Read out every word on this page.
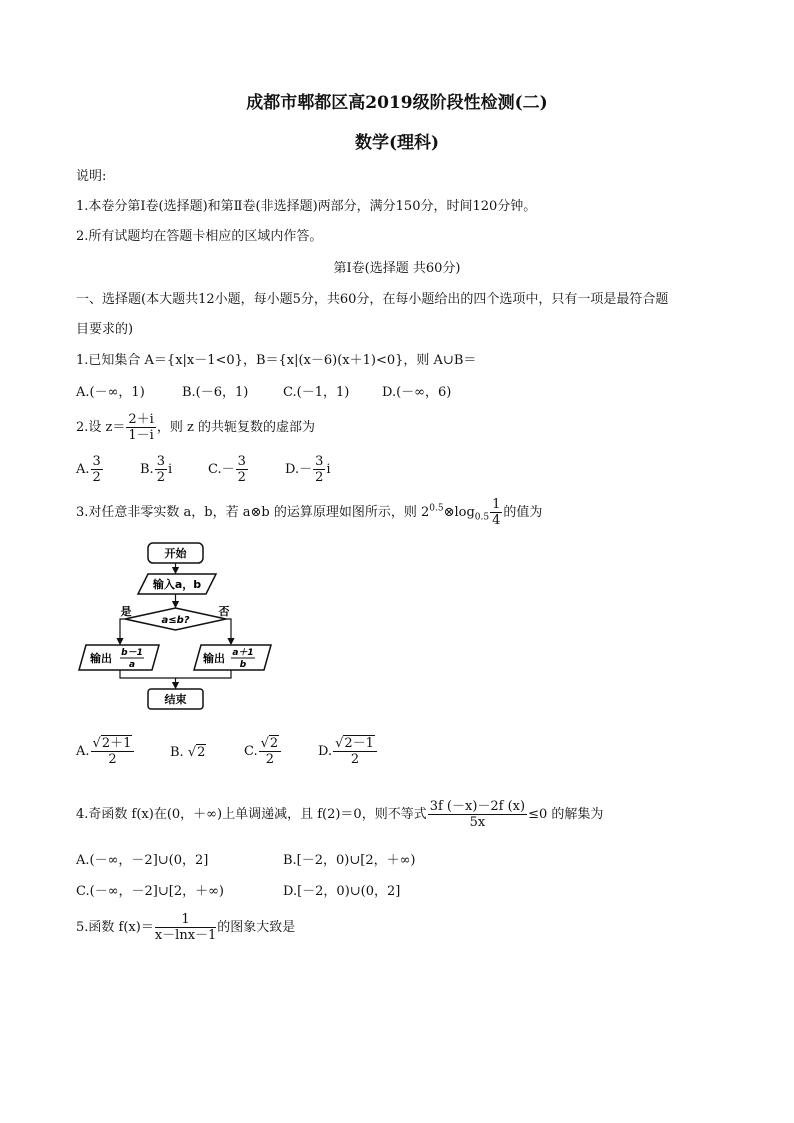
成都市郫都区高2019级阶段性检测(二)
数学(理科)
说明:
1.本卷分第Ⅰ卷(选择题)和第Ⅱ卷(非选择题)两部分，满分150分，时间120分钟。
2.所有试题均在答题卡相应的区域内作答。
第Ⅰ卷(选择题 共60分)
一、选择题(本大题共12小题，每小题5分，共60分，在每小题给出的四个选项中，只有一项是最符合题
目要求的)
1.已知集合 A＝{x|x－1<0}，B＝{x|(x－6)(x＋1)<0}，则 A∪B＝
A.(－∞，1)	B.(－6，1)	C.(－1，1)	D.(－∞，6)
2.设 $z= \frac{2+i}{1-i}$ ，则 z 的共轭复数的虚部为
A. $\frac{3}{2}$	B. $\frac{3}{2}$ i	$C.- \frac{3}{2}$	$D.- \frac{3}{2}$ i
3.对任意非零实数 a，b，若 a⊗b 的运算原理如图所示，则 $2^{0.5}\otimes\log_{0.5} \frac{1}{4}$ 的值为
开始
输入a，b
a≤b?
是	否
输出 b－1
a	输出 a＋1
b
结束
A. $\frac{√2+1}{2}$	B. √2	C. $\frac{√2}{2}$	D. $\frac{√2-1}{2}$
4.奇函数 f(x)在(0，＋∞)上单调递减，且 f(2)＝0，则不等式 $\frac{3f (-x)-2f (x)}{5x} \le 0$ 的解集为
A.(－∞，－2]∪(0，2]	B.[－2，0)∪[2，＋∞)
C.(－∞，－2]∪[2，＋∞)	D.[－2，0)∪(0，2]
5.函数 $f(x)= \frac{1}{x-\ln x-1}$ 的图象大致是
